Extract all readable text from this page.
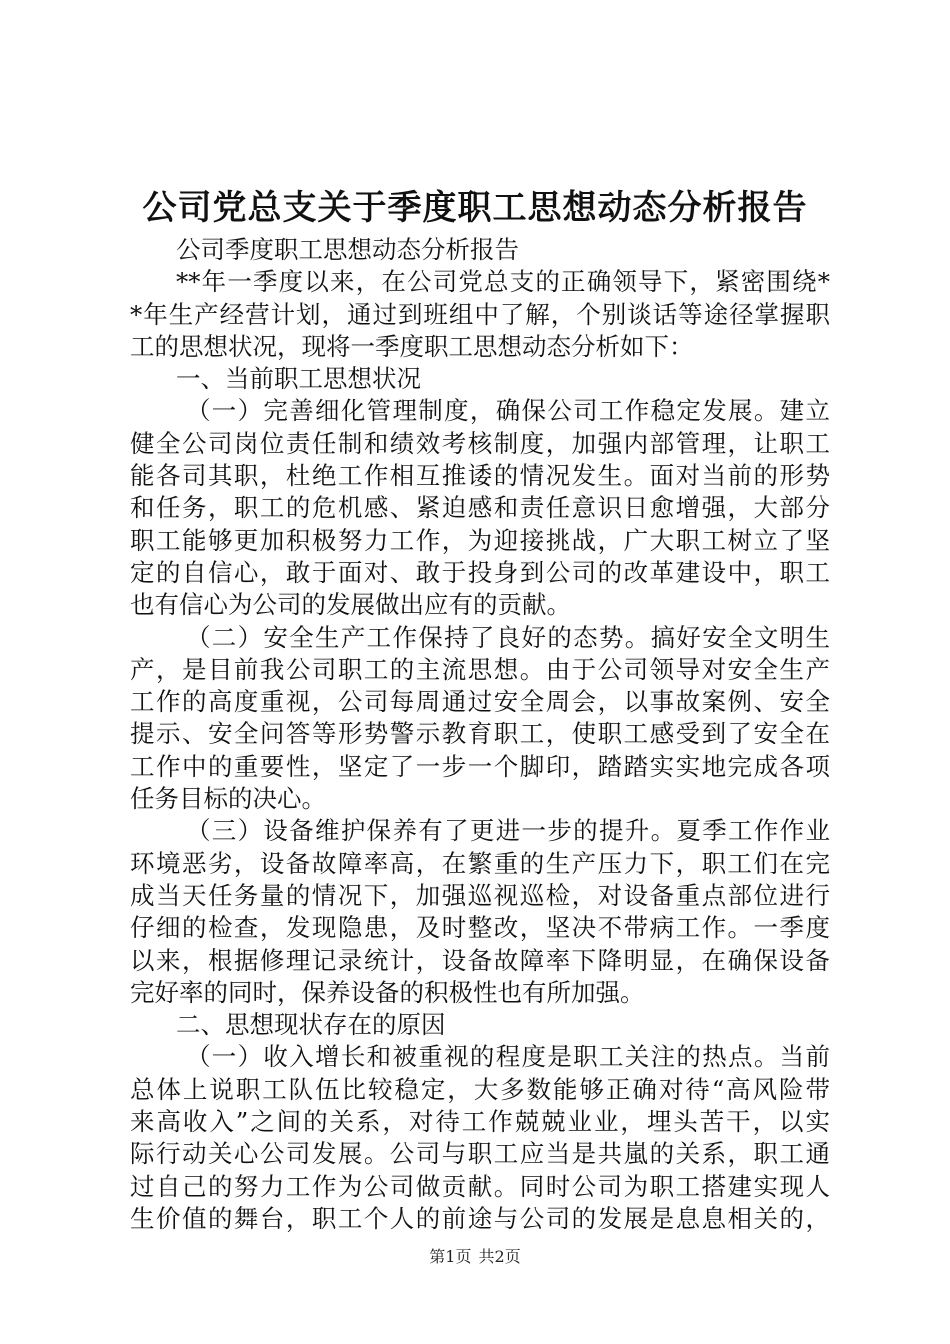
公司党总支关于季度职工思想动态分析报告
公司季度职工思想动态分析报告
**年一季度以来，在公司党总支的正确领导下，紧密围绕*
*年生产经营计划，通过到班组中了解，个别谈话等途径掌握职
工的思想状况，现将一季度职工思想动态分析如下：
一、当前职工思想状况
（一）完善细化管理制度，确保公司工作稳定发展。建立
健全公司岗位责任制和绩效考核制度，加强内部管理，让职工
能各司其职，杜绝工作相互推诿的情况发生。面对当前的形势
和任务，职工的危机感、紧迫感和责任意识日愈增强，大部分
职工能够更加积极努力工作，为迎接挑战，广大职工树立了坚
定的自信心，敢于面对、敢于投身到公司的改革建设中，职工
也有信心为公司的发展做出应有的贡献。
（二）安全生产工作保持了良好的态势。搞好安全文明生
产，是目前我公司职工的主流思想。由于公司领导对安全生产
工作的高度重视，公司每周通过安全周会，以事故案例、安全
提示、安全问答等形势警示教育职工，使职工感受到了安全在
工作中的重要性，坚定了一步一个脚印，踏踏实实地完成各项
任务目标的决心。
（三）设备维护保养有了更进一步的提升。夏季工作作业
环境恶劣，设备故障率高，在繁重的生产压力下，职工们在完
成当天任务量的情况下，加强巡视巡检，对设备重点部位进行
仔细的检查，发现隐患，及时整改，坚决不带病工作。一季度
以来，根据修理记录统计，设备故障率下降明显，在确保设备
完好率的同时，保养设备的积极性也有所加强。
二、思想现状存在的原因
（一）收入增长和被重视的程度是职工关注的热点。当前
总体上说职工队伍比较稳定，大多数能够正确对待“高风险带
来高收入”之间的关系，对待工作兢兢业业，埋头苦干，以实
际行动关心公司发展。公司与职工应当是共嵐的关系，职工通
过自己的努力工作为公司做贡献。同时公司为职工搭建实现人
生价值的舞台，职工个人的前途与公司的发展是息息相关的，
第1页 共2页
